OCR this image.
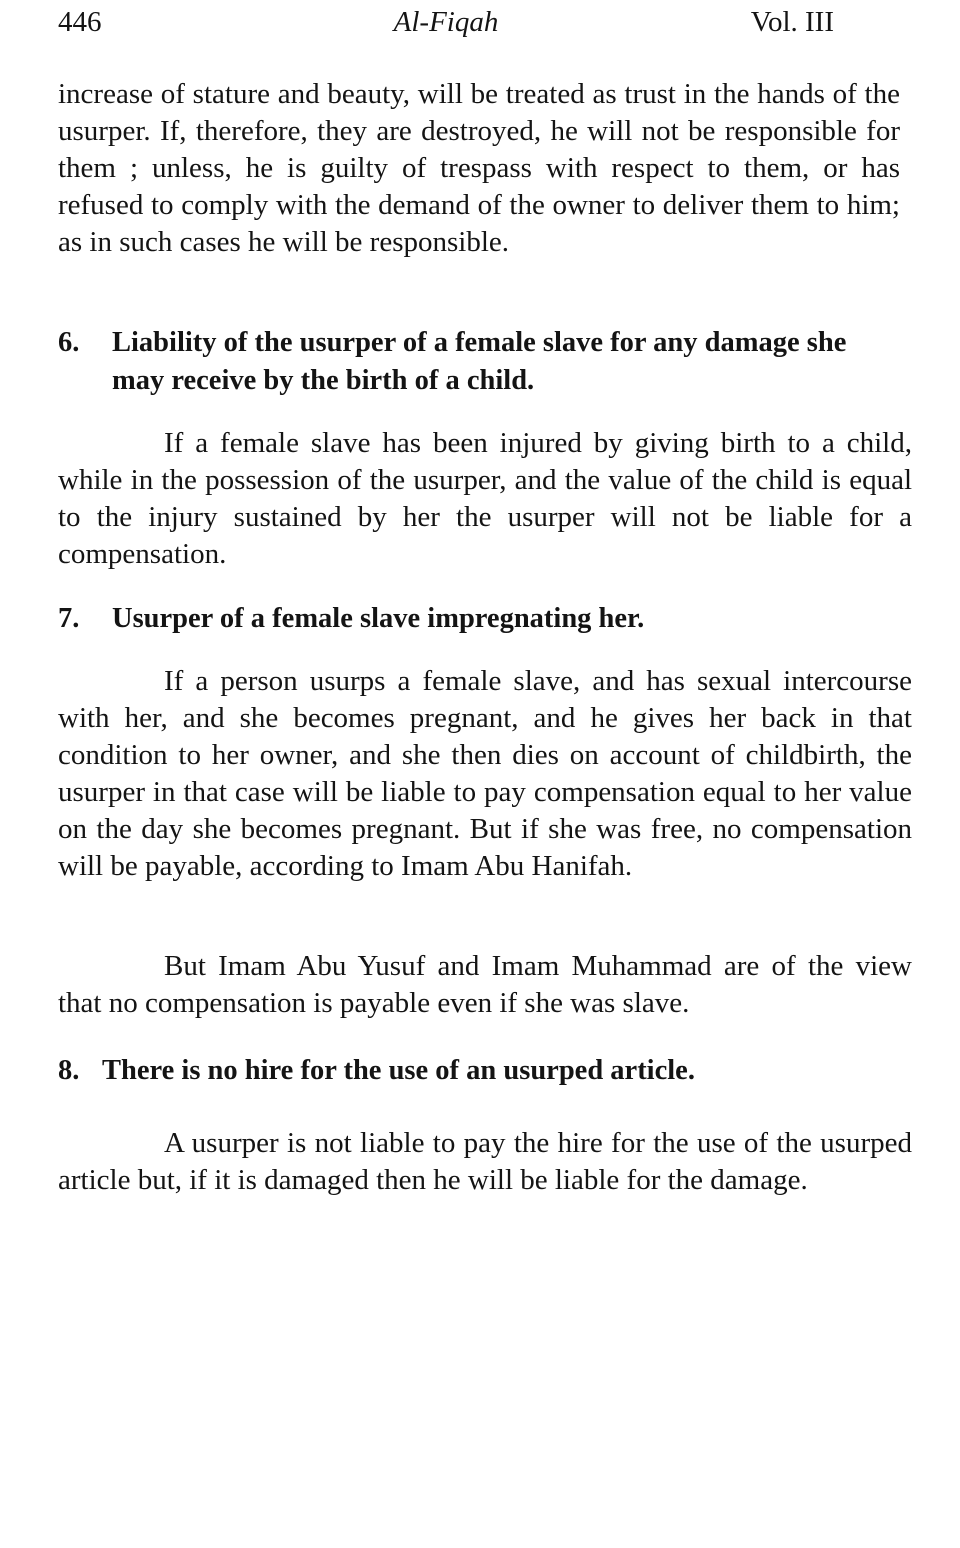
446	Al-Fiqah	Vol. III

increase of stature and beauty, will be treated as trust in the hands of the usurper. If, therefore, they are destroyed, he will not be responsible for them ; unless, he is guilty of trespass with respect to them, or has refused to comply with the demand of the owner to deliver them to him; as in such cases he will be responsible.

6.	Liability of the usurper of a female slave for any damage she may receive by the birth of a child.

If a female slave has been injured by giving birth to a child, while in the possession of the usurper, and the value of the child is equal to the injury sustained by her the usurper will not be liable for a compensation.

7.	Usurper of a female slave impregnating her.

If a person usurps a female slave, and has sexual intercourse with her, and she becomes pregnant, and he gives her back in that condition to her owner, and she then dies on account of childbirth, the usurper in that case will be liable to pay compensation equal to her value on the day she becomes pregnant. But if she was free, no compensation will be payable, according to Imam Abu Hanifah.

But Imam Abu Yusuf and Imam Muhammad are of the view that no compensation is payable even if she was slave.

8. There is no hire for the use of an usurped article.

A usurper is not liable to pay the hire for the use of the usurped article but, if it is damaged then he will be liable for the damage.
